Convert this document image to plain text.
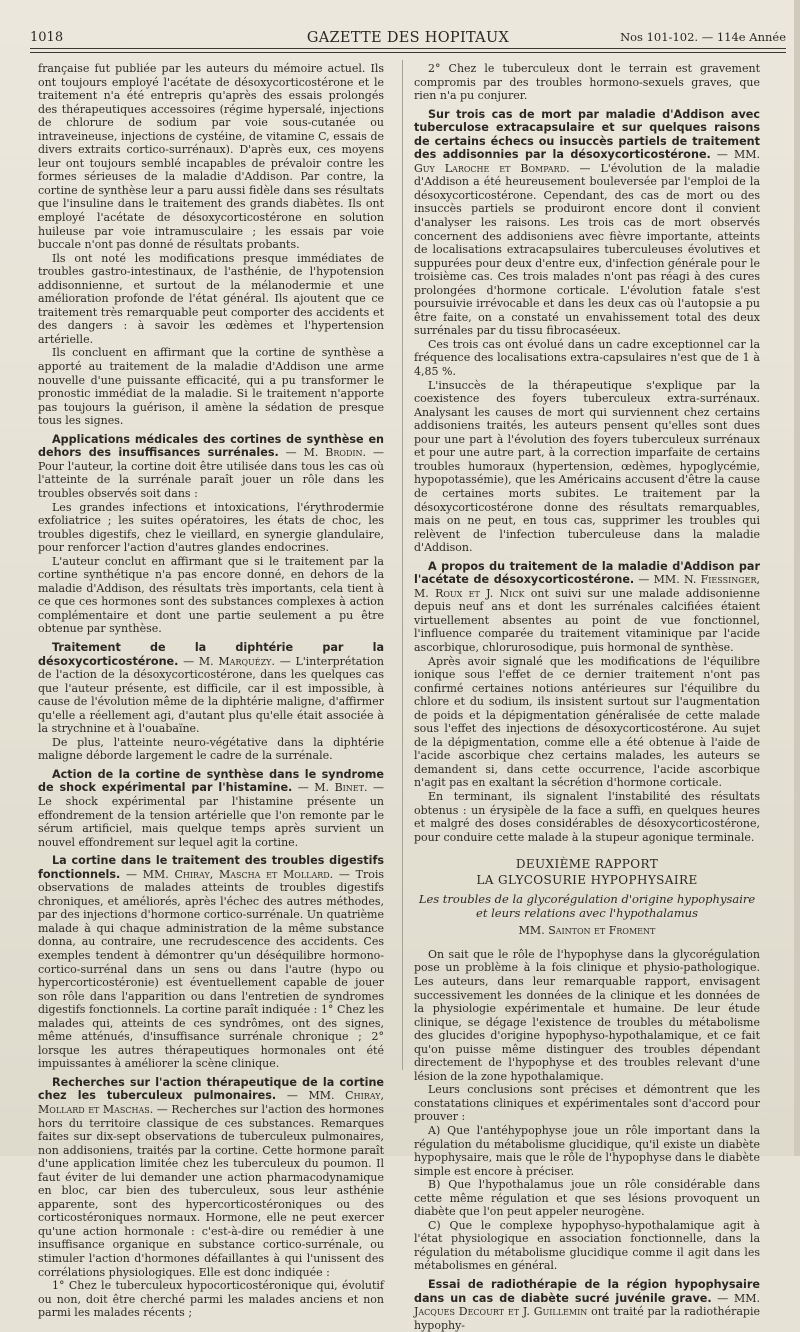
1018	GAZETTE DES HOPITAUX	Nos 101-102. — 114e Année

française fut publiée par les auteurs du mémoire actuel. Ils ont toujours employé l'acétate de désoxycorticostérone et le traitement n'a été entrepris qu'après des essais prolongés des thérapeutiques accessoires (régime hypersalé, injections de chlorure de sodium par voie sous-cutanée ou intraveineuse, injections de cystéine, de vitamine C, essais de divers extraits cortico-surrénaux). D'après eux, ces moyens leur ont toujours semblé incapables de prévaloir contre les formes sérieuses de la maladie d'Addison. Par contre, la cortine de synthèse leur a paru aussi fidèle dans ses résultats que l'insuline dans le traitement des grands diabètes. Ils ont employé l'acétate de désoxycorticostérone en solution huileuse par voie intramusculaire ; les essais par voie buccale n'ont pas donné de résultats probants.

Ils ont noté les modifications presque immédiates de troubles gastro-intestinaux, de l'asthénie, de l'hypotension addisonnienne, et surtout de la mélanodermie et une amélioration profonde de l'état général. Ils ajoutent que ce traitement très remarquable peut comporter des accidents et des dangers : à savoir les œdèmes et l'hypertension artérielle.

Ils concluent en affirmant que la cortine de synthèse a apporté au traitement de la maladie d'Addison une arme nouvelle d'une puissante efficacité, qui a pu transformer le pronostic immédiat de la maladie. Si le traitement n'apporte pas toujours la guérison, il amène la sédation de presque tous les signes.

Applications médicales des cortines de synthèse en dehors des insuffisances surrénales. — M. Brodin. — Pour l'auteur, la cortine doit être utilisée dans tous les cas où l'atteinte de la surrénale paraît jouer un rôle dans les troubles observés soit dans :

Les grandes infections et intoxications, l'érythrodermie exfoliatrice ; les suites opératoires, les états de choc, les troubles digestifs, chez le vieillard, en synergie glandulaire, pour renforcer l'action d'autres glandes endocrines.

L'auteur conclut en affirmant que si le traitement par la cortine synthétique n'a pas encore donné, en dehors de la maladie d'Addison, des résultats très importants, cela tient à ce que ces hormones sont des substances complexes à action complémentaire et dont une partie seulement a pu être obtenue par synthèse.

Traitement de la diphtérie par la désoxycorticostérone. — M. Marquézy. — L'interprétation de l'action de la désoxycorticostérone, dans les quelques cas que l'auteur présente, est difficile, car il est impossible, à cause de l'évolution même de la diphtérie maligne, d'affirmer qu'elle a réellement agi, d'autant plus qu'elle était associée à la strychnine et à l'ouabaïne.

De plus, l'atteinte neuro-végétative dans la diphtérie maligne déborde largement le cadre de la surrénale.

Action de la cortine de synthèse dans le syndrome de shock expérimental par l'histamine. — M. Binet. — Le shock expérimental par l'histamine présente un effondrement de la tension artérielle que l'on remonte par le sérum artificiel, mais quelque temps après survient un nouvel effondrement sur lequel agit la cortine.

La cortine dans le traitement des troubles digestifs fonctionnels. — MM. Chiray, Mascha et Mollard. — Trois observations de malades atteints de troubles digestifs chroniques, et améliorés, après l'échec des autres méthodes, par des injections d'hormone cortico-surrénale. Un quatrième malade à qui chaque administration de la même substance donna, au contraire, une recrudescence des accidents. Ces exemples tendent à démontrer qu'un déséquilibre hormono-cortico-surrénal dans un sens ou dans l'autre (hypo ou hypercorticostéronie) est éventuellement capable de jouer son rôle dans l'apparition ou dans l'entretien de syndromes digestifs fonctionnels. La cortine paraît indiquée : 1° Chez les malades qui, atteints de ces syndrômes, ont des signes, même atténués, d'insuffisance surrénale chronique ; 2° lorsque les autres thérapeutiques hormonales ont été impuissantes à améliorer la scène clinique.

Recherches sur l'action thérapeutique de la cortine chez les tuberculeux pulmonaires. — MM. Chiray, Mollard et Maschas. — Recherches sur l'action des hormones hors du territoire classique de ces substances. Remarques faites sur dix-sept observations de tuberculeux pulmonaires, non addisoniens, traités par la cortine. Cette hormone paraît d'une application limitée chez les tuberculeux du poumon. Il faut éviter de lui demander une action pharmacodynamique en bloc, car bien des tuberculeux, sous leur asthénie apparente, sont des hypercorticostéroniques ou des corticostéroniques normaux. Hormone, elle ne peut exercer qu'une action hormonale : c'est-à-dire ou remédier à une insuffisance organique en substance cortico-surrénale, ou stimuler l'action d'hormones défaillantes à qui l'unissent des corrélations physiologiques. Elle est donc indiquée :

1° Chez le tuberculeux hypocorticostéronique qui, évolutif ou non, doit être cherché parmi les malades anciens et non parmi les malades récents ;

2° Chez le tuberculeux dont le terrain est gravement compromis par des troubles hormono-sexuels graves, que rien n'a pu conjurer.

Sur trois cas de mort par maladie d'Addison avec tuberculose extracapsulaire et sur quelques raisons de certains échecs ou insuccès partiels de traitement des addisonnies par la désoxycorticostérone. — MM. Guy Laroche et Bompard. — L'évolution de la maladie d'Addison a été heureusement bouleversée par l'emploi de la désoxycorticostérone. Cependant, des cas de mort ou des insuccès partiels se produiront encore dont il convient d'analyser les raisons. Les trois cas de mort observés concernent des addisoniens avec fièvre importante, atteints de localisations extracapsulaires tuberculeuses évolutives et suppurées pour deux d'entre eux, d'infection générale pour le troisième cas. Ces trois malades n'ont pas réagi à des cures prolongées d'hormone corticale. L'évolution fatale s'est poursuivie irrévocable et dans les deux cas où l'autopsie a pu être faite, on a constaté un envahissement total des deux surrénales par du tissu fibrocaséeux.

Ces trois cas ont évolué dans un cadre exceptionnel car la fréquence des localisations extra-capsulaires n'est que de 1 à 4,85 %.

L'insuccès de la thérapeutique s'explique par la coexistence des foyers tuberculeux extra-surrénaux. Analysant les causes de mort qui surviennent chez certains addisoniens traités, les auteurs pensent qu'elles sont dues pour une part à l'évolution des foyers tuberculeux surrénaux et pour une autre part, à la correction imparfaite de certains troubles humoraux (hypertension, œdèmes, hypoglycémie, hypopotassémie), que les Américains accusent d'être la cause de certaines morts subites. Le traitement par la désoxycorticostérone donne des résultats remarquables, mais on ne peut, en tous cas, supprimer les troubles qui relèvent de l'infection tuberculeuse dans la maladie d'Addison.

A propos du traitement de la maladie d'Addison par l'acétate de désoxycorticostérone. — MM. N. Fiessinger, M. Roux et J. Nick ont suivi sur une malade addisonienne depuis neuf ans et dont les surrénales calcifiées étaient virtuellement absentes au point de vue fonctionnel, l'influence comparée du traitement vitaminique par l'acide ascorbique, chlorurosodique, puis hormonal de synthèse.

Après avoir signalé que les modifications de l'équilibre ionique sous l'effet de ce dernier traitement n'ont pas confirmé certaines notions antérieures sur l'équilibre du chlore et du sodium, ils insistent surtout sur l'augmentation de poids et la dépigmentation généralisée de cette malade sous l'effet des injections de désoxycorticostérone. Au sujet de la dépigmentation, comme elle a été obtenue à l'aide de l'acide ascorbique chez certains malades, les auteurs se demandent si, dans cette occurrence, l'acide ascorbique n'agit pas en exaltant la sécrétion d'hormone corticale.

En terminant, ils signalent l'instabilité des résultats obtenus : un érysipèle de la face a suffi, en quelques heures et malgré des doses considérables de désoxycorticostérone, pour conduire cette malade à la stupeur agonique terminale.

DEUXIÈME RAPPORT
LA GLYCOSURIE HYPOPHYSAIRE
Les troubles de la glycorégulation d'origine hypophysaire et leurs relations avec l'hypothalamus
MM. Sainton et Froment

On sait que le rôle de l'hypophyse dans la glycorégulation pose un problème à la fois clinique et physio-pathologique. Les auteurs, dans leur remarquable rapport, envisagent successivement les données de la clinique et les données de la physiologie expérimentale et humaine. De leur étude clinique, se dégage l'existence de troubles du métabolisme des glucides d'origine hypophyso-hypothalamique, et ce fait qu'on puisse même distinguer des troubles dépendant directement de l'hypophyse et des troubles relevant d'une lésion de la zone hypothalamique.

Leurs conclusions sont précises et démontrent que les constatations cliniques et expérimentales sont d'accord pour prouver :

A) Que l'antéhypophyse joue un rôle important dans la régulation du métabolisme glucidique, qu'il existe un diabète hypophysaire, mais que le rôle de l'hypophyse dans le diabète simple est encore à préciser.

B) Que l'hypothalamus joue un rôle considérable dans cette même régulation et que ses lésions provoquent un diabète que l'on peut appeler neurogène.

C) Que le complexe hypophyso-hypothalamique agit à l'état physiologique en association fonctionnelle, dans la régulation du métabolisme glucidique comme il agit dans les métabolismes en général.

Essai de radiothérapie de la région hypophysaire dans un cas de diabète sucré juvénile grave. — MM. Jacques Decourt et J. Guillemin ont traité par la radiothérapie hypophy-
